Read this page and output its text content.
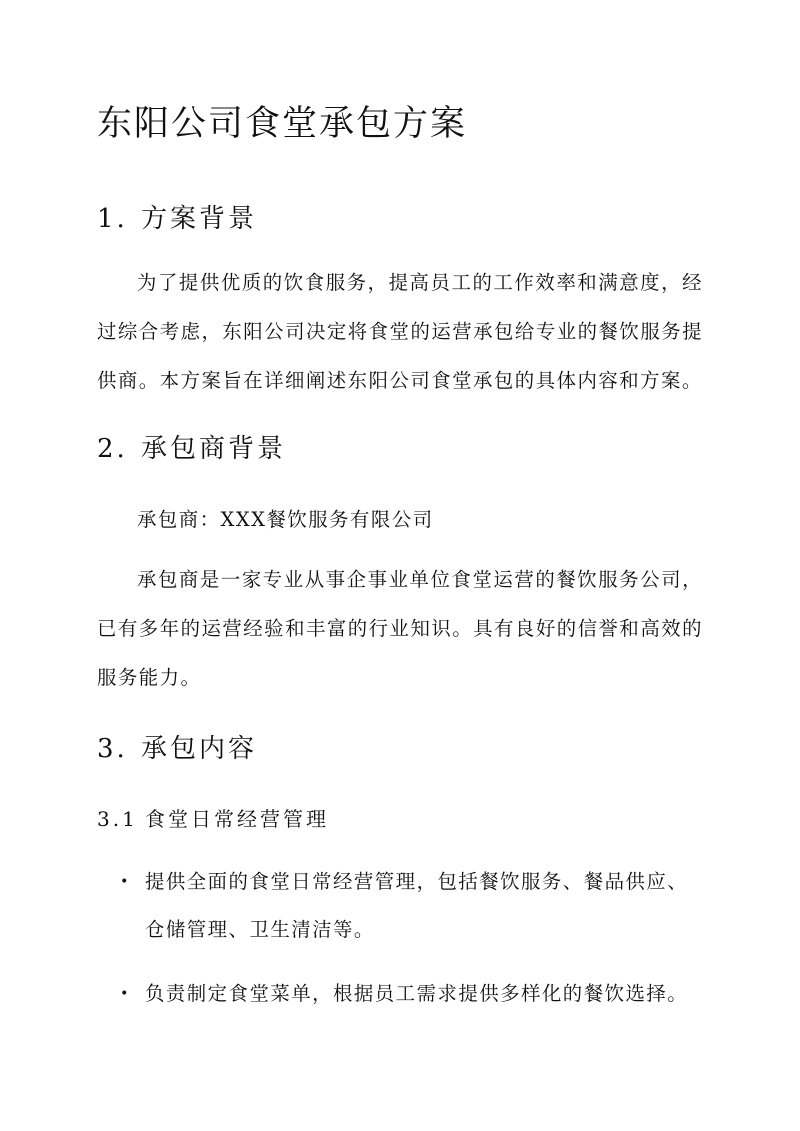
东阳公司食堂承包方案
1. 方案背景

为了提供优质的饮食服务，提高员工的工作效率和满意度，经过综合考虑，东阳公司决定将食堂的运营承包给专业的餐饮服务提供商。本方案旨在详细阐述东阳公司食堂承包的具体内容和方案。

2. 承包商背景

承包商：XXX餐饮服务有限公司

承包商是一家专业从事企事业单位食堂运营的餐饮服务公司，已有多年的运营经验和丰富的行业知识。具有良好的信誉和高效的服务能力。

3. 承包内容
3.1 食堂日常经营管理
• 提供全面的食堂日常经营管理，包括餐饮服务、餐品供应、仓储管理、卫生清洁等。
• 负责制定食堂菜单，根据员工需求提供多样化的餐饮选择。
